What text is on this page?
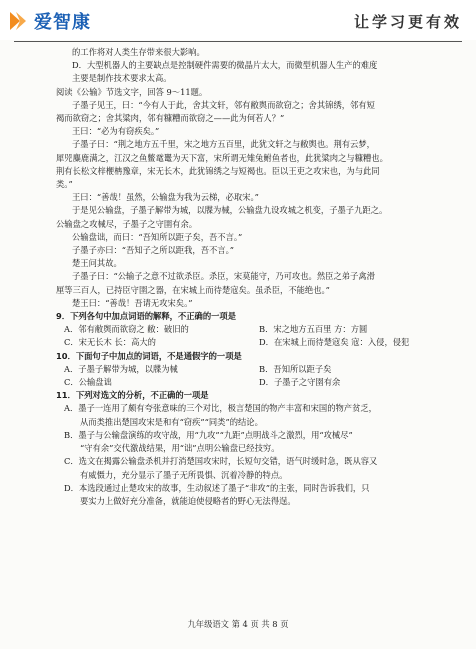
爱智康	让学习更有效

的工作将对人类生存带来很大影响。

D．大型机器人的主要缺点是控制硬件需要的微晶片太大，而微型机器人生产的难度

主要是制作技术要求太高。

阅读《公输》节选文字，回答 9～11题。

子墨子见王，曰：“今有人于此，舍其文轩，邻有敝舆而欲窃之；舍其锦绣，邻有短

褐而欲窃之；舍其粱肉，邻有糠糟而欲窃之——此为何若人？”

王曰：“必为有窃疾矣。”

子墨子曰：“荆之地方五千里，宋之地方五百里，此犹文轩之与敝舆也。荆有云梦，

犀兕麋鹿满之，江汉之鱼鳖鼋鼍为天下富，宋所谓无雉兔鲋鱼者也，此犹粱肉之与糠糟也。

荆有长松文梓楩柟豫章，宋无长木，此犹锦绣之与短褐也。臣以王吏之攻宋也，为与此同

类。”

王曰：“善哉！虽然，公输盘为我为云梯，必取宋。”

于是见公输盘，子墨子解带为城，以牒为械，公输盘九设攻城之机变，子墨子九距之。

公输盘之攻械尽，子墨子之守圉有余。

公输盘诎，而曰：“吾知所以距子矣，吾不言。”

子墨子亦曰：“吾知子之所以距我，吾不言。”

楚王问其故。

子墨子曰：“公输子之意不过欲杀臣。杀臣，宋莫能守，乃可攻也。然臣之弟子禽滑

厘等三百人，已持臣守圉之器，在宋城上而待楚寇矣。虽杀臣，不能绝也。”

楚王曰：“善哉！吾请无攻宋矣。”

9．下列各句中加点词语的解释，不正确的一项是

A．邻有敝舆而欲窃之 敝：破旧的	B．宋之地方五百里 方：方圆
C．宋无长木 长：高大的	D．在宋城上而待楚寇矣 寇：入侵，侵犯

10．下面句子中加点的词语，不是通假字的一项是

A．子墨子解带为城，以牒为械	B．吾知所以距子矣
C．公输盘诎	D．子墨子之守圉有余

11．下列对选文的分析，不正确的一项是

A．墨子一连用了颇有夸张意味的三个对比，极言楚国的物产丰富和宋国的物产贫乏，
从而类推出楚国攻宋是和有“窃疾”“同类”的结论。
B．墨子与公输盘演练的攻守战，用“九攻”“九距”点明战斗之激烈，用“攻械尽”
“守有余”交代激战结果，用“诎”点明公输盘已经技穷。
C．选文在揭露公输盘杀机并打消楚国攻宋时，长短句交错，语气时缓时急，既从容又
有威慑力，充分显示了墨子无所畏惧、沉着冷静的特点。
D．本选段通过止楚攻宋的故事，生动叙述了墨子“非攻”的主张，同时告诉我们，只
要实力上做好充分准备，就能迫使侵略者的野心无法得逞。
九年级语文 第 4 页 共 8 页
